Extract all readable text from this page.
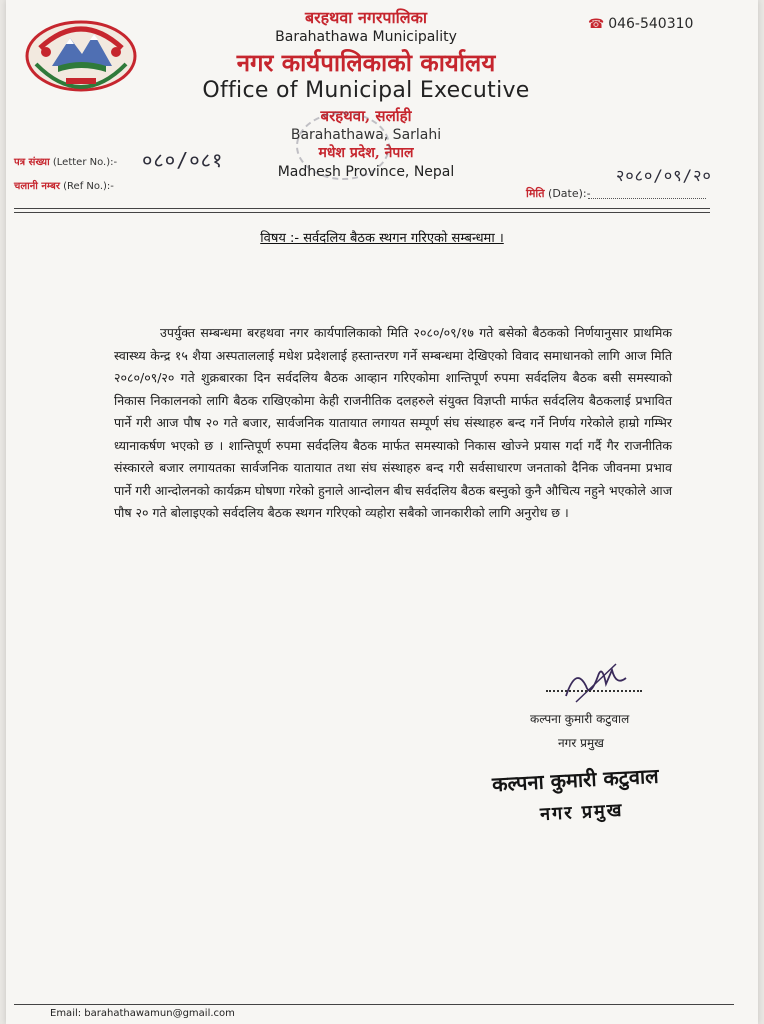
☎ 046-540310
बरहथवा नगरपालिका
Barahathawa Municipality
नगर कार्यपालिकाको कार्यालय
Office of Municipal Executive
बरहथवा, सर्लाही
Barahathawa, Sarlahi
मधेश प्रदेश, नेपाल
Madhesh Province, Nepal
पत्र संख्या (Letter No.):- ०८०/०८१
चलानी नम्बर (Ref No.):-
२०८०/०९/२०
मिति (Date):-
विषय :- सर्वदलिय बैठक स्थगन गरिएको सम्बन्धमा ।
उपर्युक्त सम्बन्धमा बरहथवा नगर कार्यपालिकाको मिति २०८०/०९/१७ गते बसेको बैठकको निर्णयानुसार प्राथमिक स्वास्थ्य केन्द्र १५ शैया अस्पताललाई मधेश प्रदेशलाई हस्तान्तरण गर्ने सम्बन्धमा देखिएको विवाद समाधानको लागि आज मिति २०८०/०९/२० गते शुक्रबारका दिन सर्वदलिय बैठक आव्हान गरिएकोमा शान्तिपूर्ण रुपमा सर्वदलिय बैठक बसी समस्याको निकास निकालनको लागि बैठक राखिएकोमा केही राजनीतिक दलहरुले संयुक्त विज्ञप्ती मार्फत सर्वदलिय बैठकलाई प्रभावित पार्ने गरी आज पौष २० गते बजार, सार्वजनिक यातायात लगायत सम्पूर्ण संघ संस्थाहरु बन्द गर्ने निर्णय गरेकोले हाम्रो गम्भिर ध्यानाकर्षण भएको छ । शान्तिपूर्ण रुपमा सर्वदलिय बैठक मार्फत समस्याको निकास खोज्ने प्रयास गर्दा गर्दै गैर राजनीतिक संस्कारले बजार लगायतका सार्वजनिक यातायात तथा संघ संस्थाहरु बन्द गरी सर्वसाधारण जनताको दैनिक जीवनमा प्रभाव पार्ने गरी आन्दोलनको कार्यक्रम घोषणा गरेको हुनाले आन्दोलन बीच सर्वदलिय बैठक बस्नुको कुनै औचित्य नहुने भएकोले आज पौष २० गते बोलाइएको सर्वदलिय बैठक स्थगन गरिएको व्यहोरा सबैको जानकारीको लागि अनुरोध छ ।
कल्पना कुमारी कटुवाल
नगर प्रमुख
कल्पना कुमारी कटुवाल
नगर प्रमुख
Email: barahathawamun@gmail.com
